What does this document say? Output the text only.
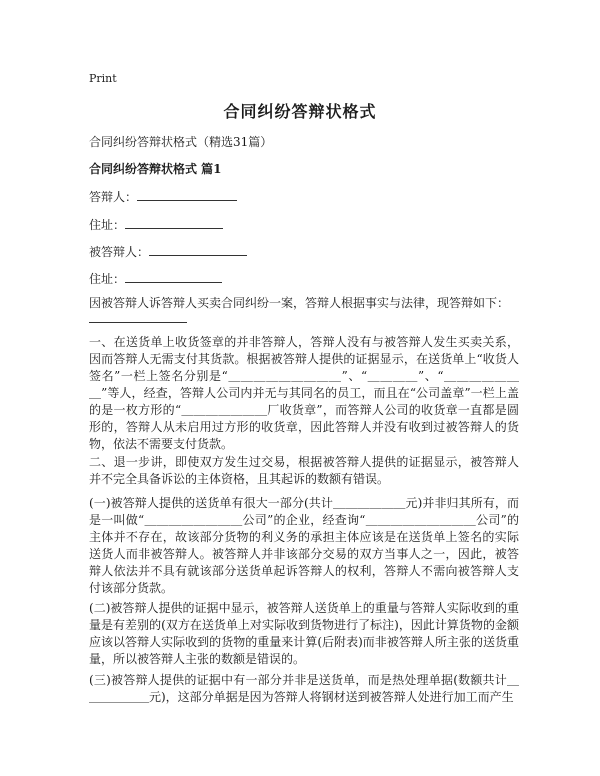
Print
合同纠纷答辩状格式
合同纠纷答辩状格式（精选31篇）
合同纠纷答辩状格式 篇1
答辩人：
住址：
被答辩人：
住址：
因被答辩人诉答辩人买卖合同纠纷一案，答辩人根据事实与法律，现答辩如下：
一、在送货单上收货签章的并非答辩人，答辩人没有与被答辩人发生买卖关系，因而答辩人无需支付其货款。根据被答辩人提供的证据显示，在送货单上“收货人签名”一栏上签名分别是“＿＿＿＿＿＿＿＿＿”、“＿＿＿＿”、“＿＿＿＿＿＿＿”等人，经查，答辩人公司内并无与其同名的员工，而且在“公司盖章”一栏上盖的是一枚方形的“＿＿＿＿＿＿＿厂收货章”，而答辩人公司的收货章一直都是圆形的，答辩人从未启用过方形的收货章，因此答辩人并没有收到过被答辩人的货物，依法不需要支付货款。
二、退一步讲，即使双方发生过交易，根据被答辩人提供的证据显示，被答辩人并不完全具备诉讼的主体资格，且其起诉的数额有错误。
(一)被答辩人提供的送货单有很大一部分(共计＿＿＿＿＿＿元)并非归其所有，而是一叫做“＿＿＿＿＿＿＿＿公司”的企业，经查询“＿＿＿＿＿＿＿＿＿公司”的主体并不存在，故该部分货物的利义务的承担主体应该是在送货单上签名的实际送货人而非被答辩人。被答辩人并非该部分交易的双方当事人之一，因此，被答辩人依法并不具有就该部分送货单起诉答辩人的权利，答辩人不需向被答辩人支付该部分货款。
(二)被答辩人提供的证据中显示，被答辩人送货单上的重量与答辩人实际收到的重量是有差别的(双方在送货单上对实际收到货物进行了标注)，因此计算货物的金额应该以答辩人实际收到的货物的重量来计算(后附表)而非被答辩人所主张的送货重量，所以被答辩人主张的数额是错误的。
(三)被答辩人提供的证据中有一部分并非是送货单，而是热处理单据(数额共计＿＿＿＿＿＿元)，这部分单据是因为答辩人将钢材送到被答辩人处进行加工而产生
